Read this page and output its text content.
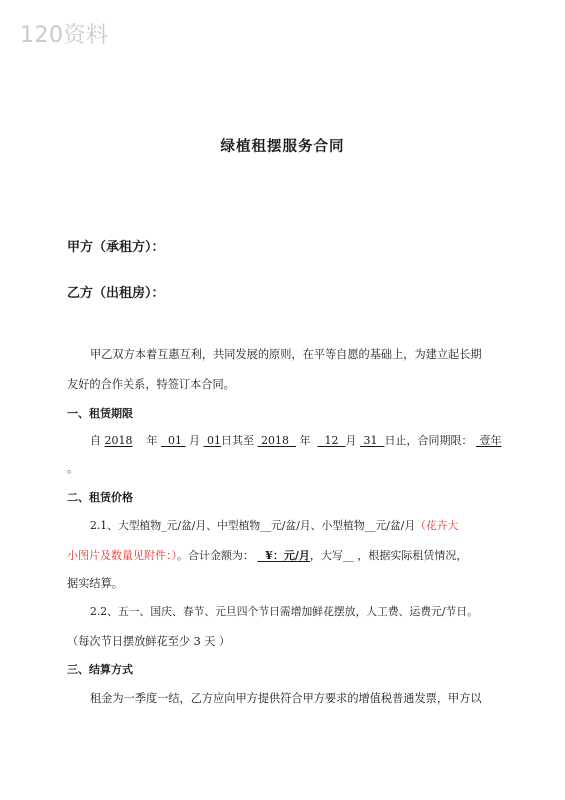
120资料
绿植租摆服务合同
甲方（承租方）：
乙方（出租房）：
甲乙双方本着互惠互利，共同发展的原则，在平等自愿的基础上，为建立起长期
友好的合作关系，特签订本合同。
一、租赁期限
自 2018 年 01 月 01日其至 2018 年 12 月 31 日止，合同期限： 壹年
。
二、租赁价格
2.1、大型植物_元/盆/月、中型植物__元/盆/月、小型植物__元/盆/月（花卉大
小图片及数量见附件：）。合计金额为： ¥：元/月，大写__ ，根据实际租赁情况，
据实结算。
2.2、五一、国庆、春节、元旦四个节日需增加鲜花摆放，人工费、运费元/节日。
（每次节日摆放鲜花至少 3 天 ）
三、结算方式
租金为一季度一结，乙方应向甲方提供符合甲方要求的增值税普通发票，甲方以
